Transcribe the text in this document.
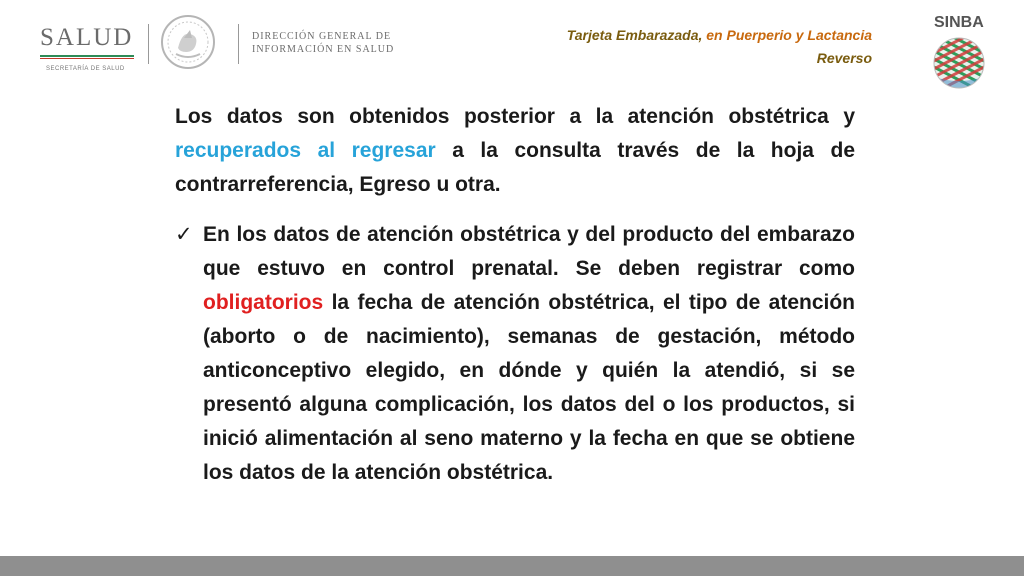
SALUD
SECRETARÍA DE SALUD
DIRECCIÓN GENERAL DE
INFORMACIÓN EN SALUD
Tarjeta Embarazada, en Puerperio y Lactancia
Reverso
SINBA

Los datos son obtenidos posterior a la atención obstétrica y recuperados al regresar a la consulta través de la hoja de contrarreferencia, Egreso u otra.

✓ En los datos de atención obstétrica y del producto del embarazo que estuvo en control prenatal. Se deben registrar como obligatorios la fecha de atención obstétrica, el tipo de atención (aborto o de nacimiento), semanas de gestación, método anticonceptivo elegido, en dónde y quién la atendió, si se presentó alguna complicación, los datos del o los productos, si inició alimentación al seno materno y la fecha en que se obtiene los datos de la atención obstétrica.
